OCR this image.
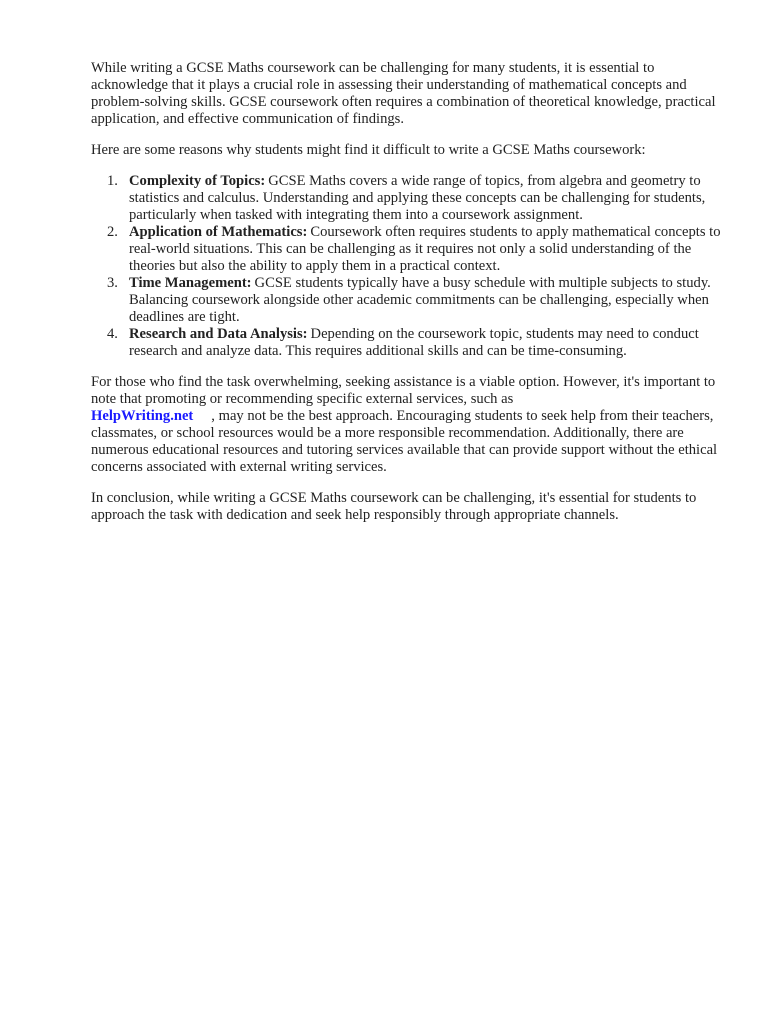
While writing a GCSE Maths coursework can be challenging for many students, it is essential to acknowledge that it plays a crucial role in assessing their understanding of mathematical concepts and problem-solving skills. GCSE coursework often requires a combination of theoretical knowledge, practical application, and effective communication of findings.

Here are some reasons why students might find it difficult to write a GCSE Maths coursework:

1. Complexity of Topics: GCSE Maths covers a wide range of topics, from algebra and geometry to statistics and calculus. Understanding and applying these concepts can be challenging for students, particularly when tasked with integrating them into a coursework assignment.
2. Application of Mathematics: Coursework often requires students to apply mathematical concepts to real-world situations. This can be challenging as it requires not only a solid understanding of the theories but also the ability to apply them in a practical context.
3. Time Management: GCSE students typically have a busy schedule with multiple subjects to study. Balancing coursework alongside other academic commitments can be challenging, especially when deadlines are tight.
4. Research and Data Analysis: Depending on the coursework topic, students may need to conduct research and analyze data. This requires additional skills and can be time-consuming.

For those who find the task overwhelming, seeking assistance is a viable option. However, it's important to note that promoting or recommending specific external services, such as
HelpWriting.net , may not be the best approach. Encouraging students to seek help from their teachers, classmates, or school resources would be a more responsible recommendation. Additionally, there are numerous educational resources and tutoring services available that can provide support without the ethical concerns associated with external writing services.

In conclusion, while writing a GCSE Maths coursework can be challenging, it's essential for students to approach the task with dedication and seek help responsibly through appropriate channels.
